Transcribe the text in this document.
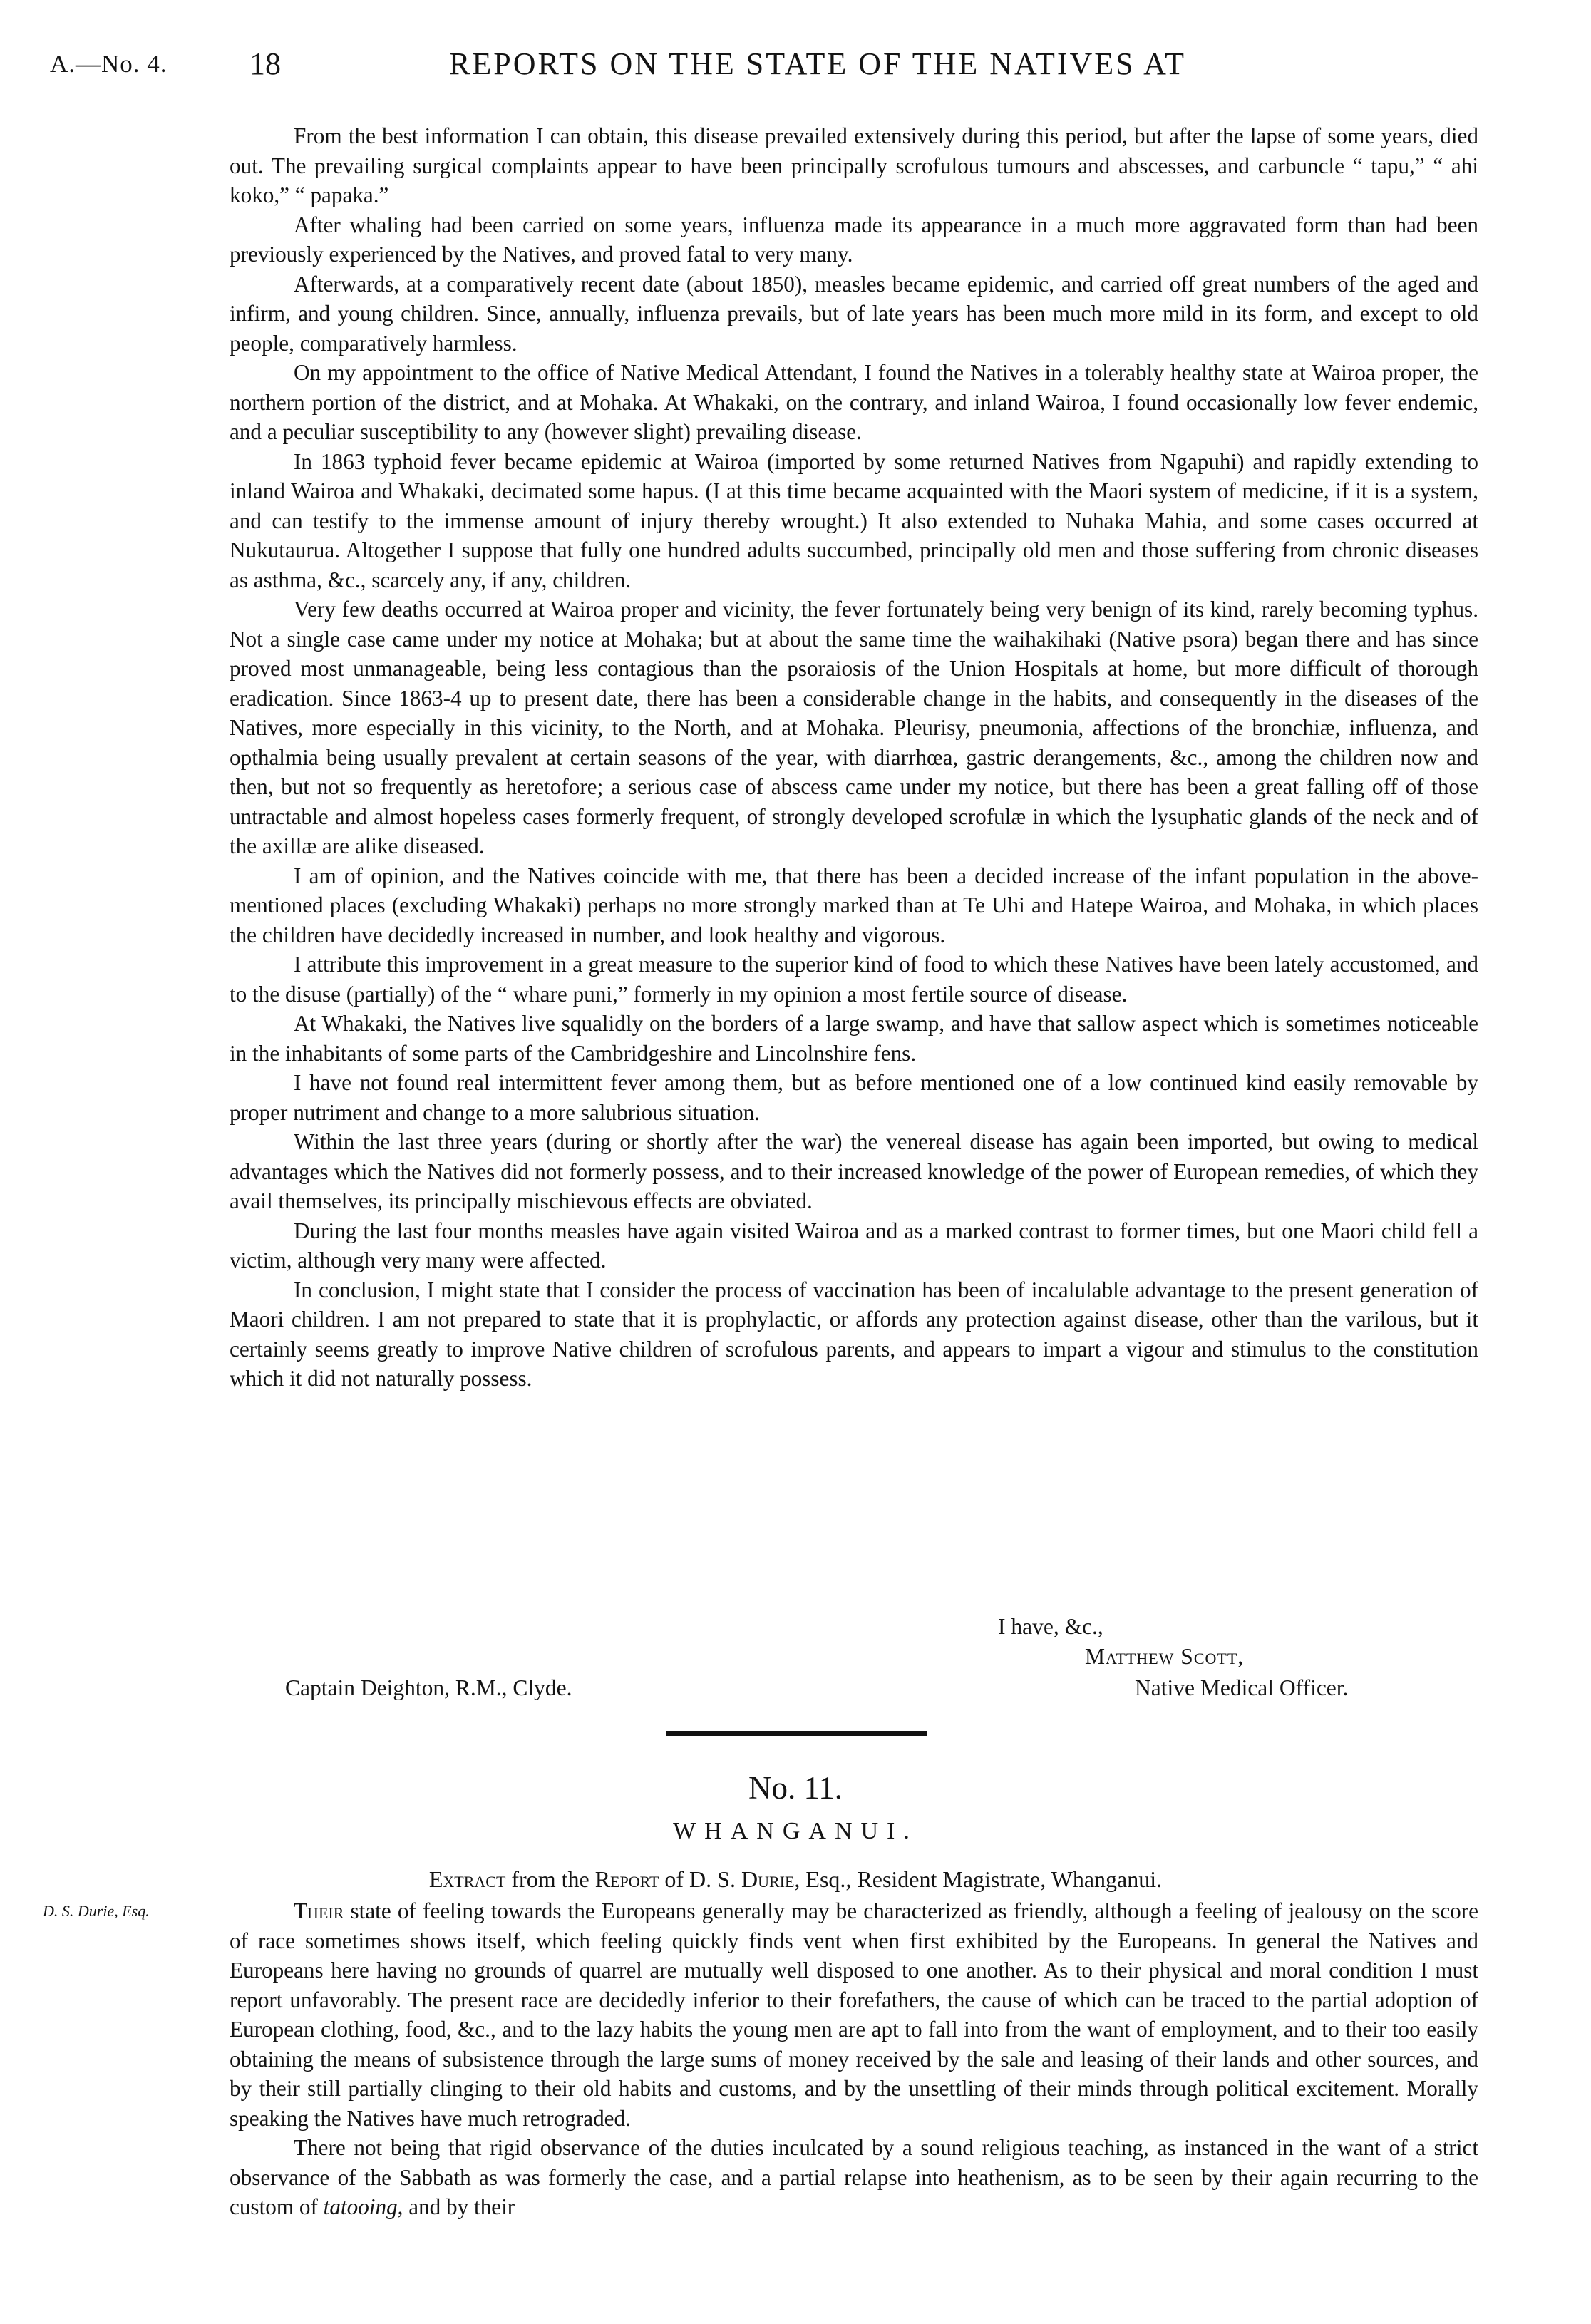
A.—No. 4.	18	REPORTS ON THE STATE OF THE NATIVES AT

From the best information I can obtain, this disease prevailed extensively during this period, but after the lapse of some years, died out. The prevailing surgical complaints appear to have been principally scrofulous tumours and abscesses, and carbuncle “ tapu,” “ ahi koko,” “ papaka.”

After whaling had been carried on some years, influenza made its appearance in a much more aggravated form than had been previously experienced by the Natives, and proved fatal to very many.

Afterwards, at a comparatively recent date (about 1850), measles became epidemic, and carried off great numbers of the aged and infirm, and young children. Since, annually, influenza prevails, but of late years has been much more mild in its form, and except to old people, comparatively harmless.

On my appointment to the office of Native Medical Attendant, I found the Natives in a tolerably healthy state at Wairoa proper, the northern portion of the district, and at Mohaka. At Whakaki, on the contrary, and inland Wairoa, I found occasionally low fever endemic, and a peculiar susceptibility to any (however slight) prevailing disease.

In 1863 typhoid fever became epidemic at Wairoa (imported by some returned Natives from Ngapuhi) and rapidly extending to inland Wairoa and Whakaki, decimated some hapus. (I at this time became acquainted with the Maori system of medicine, if it is a system, and can testify to the immense amount of injury thereby wrought.) It also extended to Nuhaka Mahia, and some cases occurred at Nukutaurua. Altogether I suppose that fully one hundred adults succumbed, principally old men and those suffering from chronic diseases as asthma, &c., scarcely any, if any, children.

Very few deaths occurred at Wairoa proper and vicinity, the fever fortunately being very benign of its kind, rarely becoming typhus. Not a single case came under my notice at Mohaka; but at about the same time the waihakihaki (Native psora) began there and has since proved most unmanageable, being less contagious than the psoraiosis of the Union Hospitals at home, but more difficult of thorough eradication. Since 1863-4 up to present date, there has been a considerable change in the habits, and consequently in the diseases of the Natives, more especially in this vicinity, to the North, and at Mohaka. Pleurisy, pneumonia, affections of the bronchiæ, influenza, and opthalmia being usually prevalent at certain seasons of the year, with diarrhœa, gastric derangements, &c., among the children now and then, but not so frequently as heretofore; a serious case of abscess came under my notice, but there has been a great falling off of those untractable and almost hopeless cases formerly frequent, of strongly developed scrofulæ in which the lysuphatic glands of the neck and of the axillæ are alike diseased.

I am of opinion, and the Natives coincide with me, that there has been a decided increase of the infant population in the above-mentioned places (excluding Whakaki) perhaps no more strongly marked than at Te Uhi and Hatepe Wairoa, and Mohaka, in which places the children have decidedly increased in number, and look healthy and vigorous.

I attribute this improvement in a great measure to the superior kind of food to which these Natives have been lately accustomed, and to the disuse (partially) of the “ whare puni,” formerly in my opinion a most fertile source of disease.

At Whakaki, the Natives live squalidly on the borders of a large swamp, and have that sallow aspect which is sometimes noticeable in the inhabitants of some parts of the Cambridgeshire and Lincolnshire fens.

I have not found real intermittent fever among them, but as before mentioned one of a low continued kind easily removable by proper nutriment and change to a more salubrious situation.

Within the last three years (during or shortly after the war) the venereal disease has again been imported, but owing to medical advantages which the Natives did not formerly possess, and to their increased knowledge of the power of European remedies, of which they avail themselves, its principally mischievous effects are obviated.

During the last four months measles have again visited Wairoa and as a marked contrast to former times, but one Maori child fell a victim, although very many were affected.

In conclusion, I might state that I consider the process of vaccination has been of incalulable advantage to the present generation of Maori children. I am not prepared to state that it is prophylactic, or affords any protection against disease, other than the varilous, but it certainly seems greatly to improve Native children of scrofulous parents, and appears to impart a vigour and stimulus to the constitution which it did not naturally possess.

I have, &c.,
Matthew Scott,
Captain Deighton, R.M., Clyde.	Native Medical Officer.
No. 11.
WHANGANUI.
Extract from the Report of D. S. Durie, Esq., Resident Magistrate, Whanganui.
D. S. Durie, Esq.	Their state of feeling towards the Europeans generally may be characterized as friendly, although a feeling of jealousy on the score of race sometimes shows itself, which feeling quickly finds vent when first exhibited by the Europeans. In general the Natives and Europeans here having no grounds of quarrel are mutually well disposed to one another. As to their physical and moral condition I must report unfavorably. The present race are decidedly inferior to their forefathers, the cause of which can be traced to the partial adoption of European clothing, food, &c., and to the lazy habits the young men are apt to fall into from the want of employment, and to their too easily obtaining the means of subsistence through the large sums of money received by the sale and leasing of their lands and other sources, and by their still partially clinging to their old habits and customs, and by the unsettling of their minds through political excitement. Morally speaking the Natives have much retrograded.

There not being that rigid observance of the duties inculcated by a sound religious teaching, as instanced in the want of a strict observance of the Sabbath as was formerly the case, and a partial relapse into heathenism, as to be seen by their again recurring to the custom of tatooing, and by their
